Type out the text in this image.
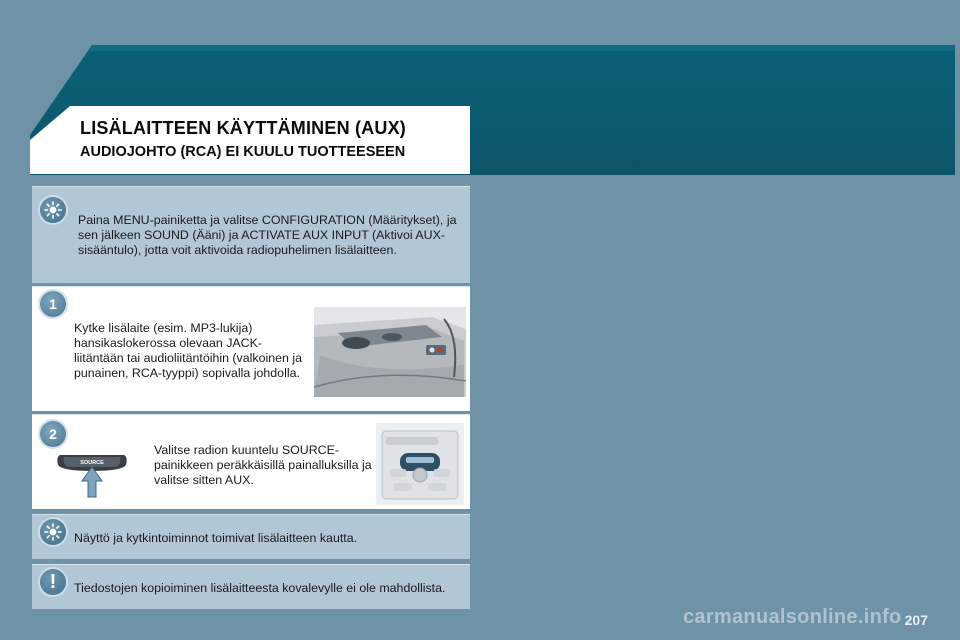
LISÄLAITTEEN KÄYTTÄMINEN (AUX)
AUDIOJOHTO (RCA) EI KUULU TUOTTEESEEN

Paina MENU-painiketta ja valitse CONFIGURATION (Määritykset), ja sen jälkeen SOUND (Ääni) ja ACTIVATE AUX INPUT (Aktivoi AUX-sisääntulo), jotta voit aktivoida radiopuhelimen lisälaitteen.

1

Kytke lisälaite (esim. MP3-lukija) hansikaslokerossa olevaan JACK-liitäntään tai audioliitäntöihin (valkoinen ja punainen, RCA-tyyppi) sopivalla johdolla.

2
SOURCE

Valitse radion kuuntelu SOURCE-painikkeen peräkkäisillä painalluksilla ja valitse sitten AUX.

Näyttö ja kytkintoiminnot toimivat lisälaitteen kautta.

!	Tiedostojen kopioiminen lisälaitteesta kovalevylle ei ole mahdollista.

carmanualsonline.info 207
